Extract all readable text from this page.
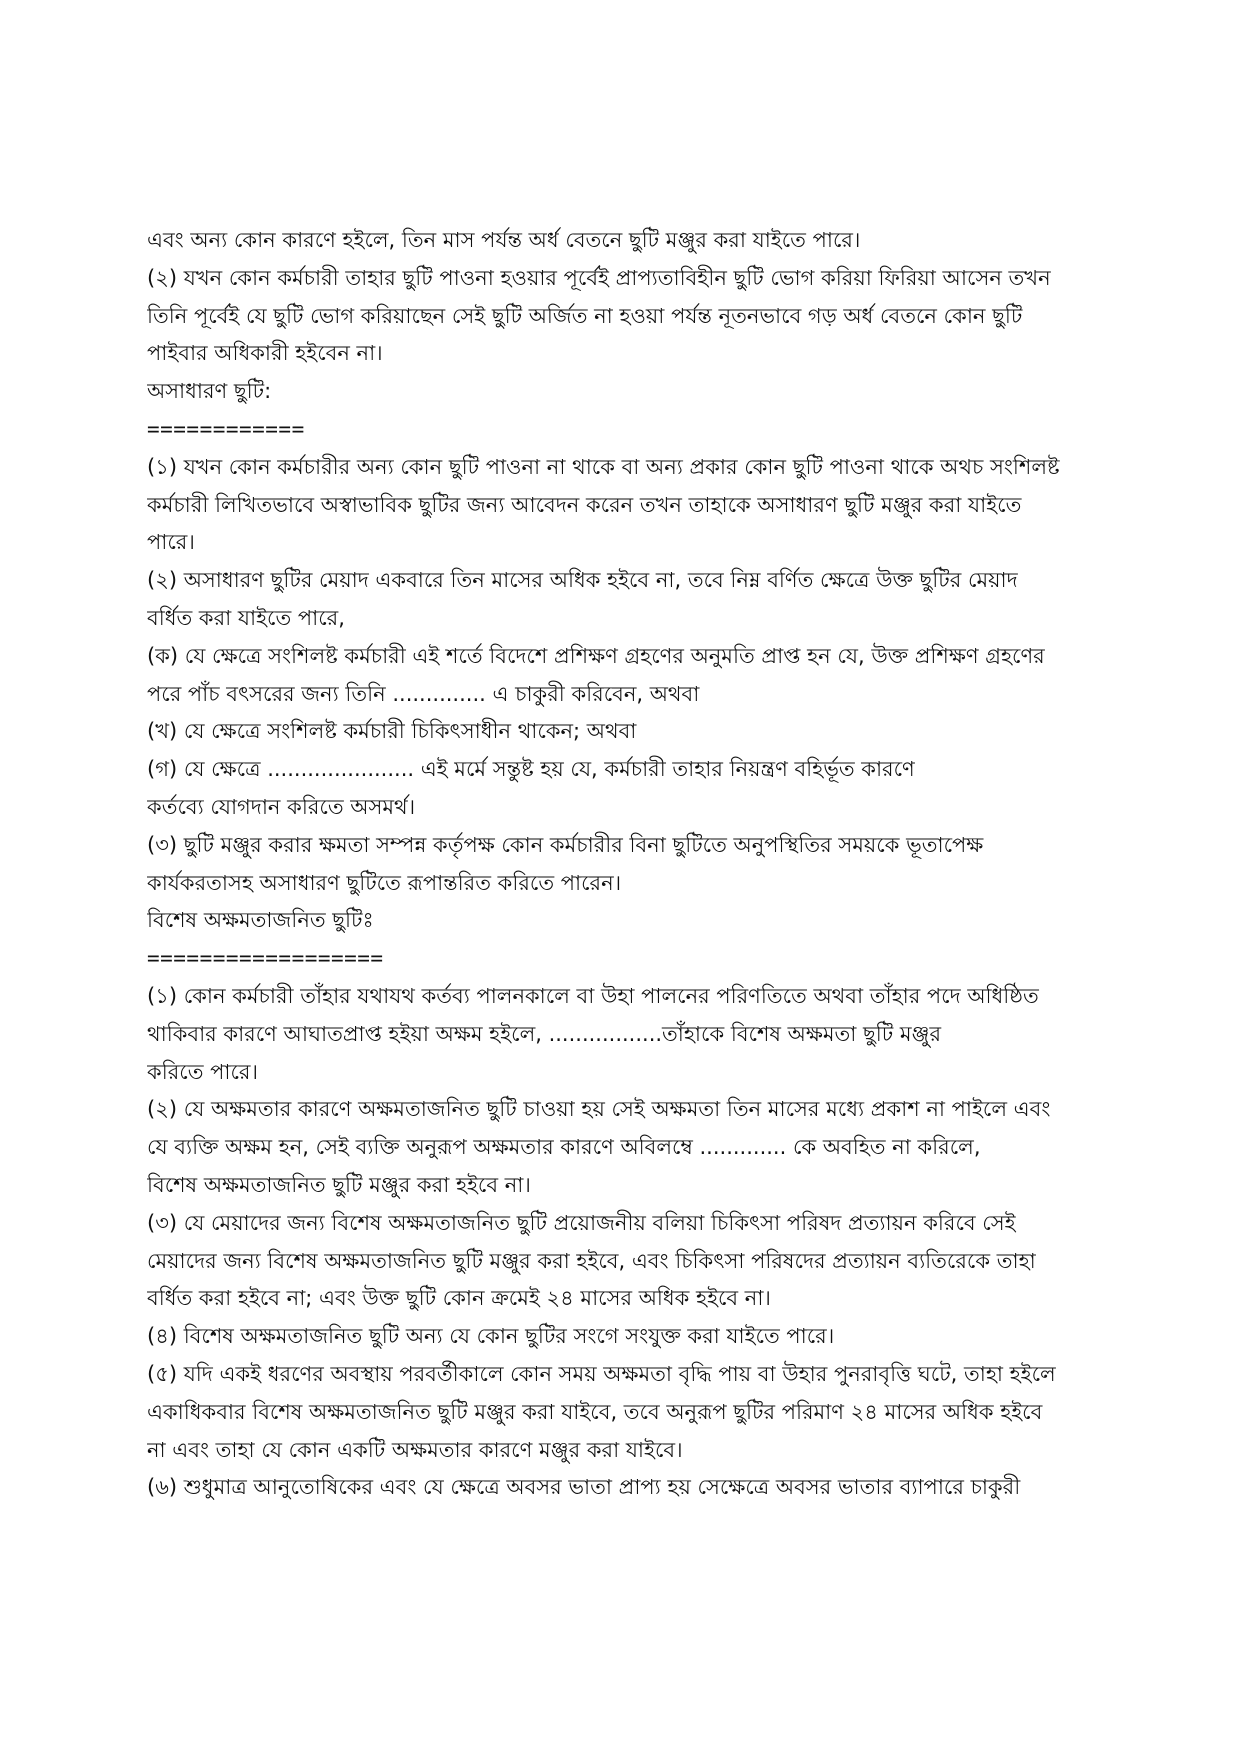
এবং অন্য কোন কারণে হইলে, তিন মাস পর্যন্ত অর্ধ বেতনে ছুটি মঞ্জুর করা যাইতে পারে।
(২) যখন কোন কর্মচারী তাহার ছুটি পাওনা হওয়ার পূর্বেই প্রাপ্যতাবিহীন ছুটি ভোগ করিয়া ফিরিয়া আসেন তখন
তিনি পূর্বেই যে ছুটি ভোগ করিয়াছেন সেই ছুটি অর্জিত না হওয়া পর্যন্ত নূতনভাবে গড় অর্ধ বেতনে কোন ছুটি
পাইবার অধিকারী হইবেন না।
অসাধারণ ছুটি:
============
(১) যখন কোন কর্মচারীর অন্য কোন ছুটি পাওনা না থাকে বা অন্য প্রকার কোন ছুটি পাওনা থাকে অথচ সংশিলষ্ট
কর্মচারী লিখিতভাবে অস্বাভাবিক ছুটির জন্য আবেদন করেন তখন তাহাকে অসাধারণ ছুটি মঞ্জুর করা যাইতে
পারে।
(২) অসাধারণ ছুটির মেয়াদ একবারে তিন মাসের অধিক হইবে না, তবে নিম্ন বর্ণিত ক্ষেত্রে উক্ত ছুটির মেয়াদ
বর্ধিত করা যাইতে পারে,
(ক) যে ক্ষেত্রে সংশিলষ্ট কর্মচারী এই শর্তে বিদেশে প্রশিক্ষণ গ্রহণের অনুমতি প্রাপ্ত হন যে, উক্ত প্রশিক্ষণ গ্রহণের
পরে পাঁচ বৎসরের জন্য তিনি .............. এ চাকুরী করিবেন, অথবা
(খ) যে ক্ষেত্রে সংশিলষ্ট কর্মচারী চিকিৎসাধীন থাকেন; অথবা
(গ) যে ক্ষেত্রে ...................... এই মর্মে সন্তুষ্ট হয় যে, কর্মচারী তাহার নিয়ন্ত্রণ বহির্ভূত কারণে
কর্তব্যে যোগদান করিতে অসমর্থ।
(৩) ছুটি মঞ্জুর করার ক্ষমতা সম্পন্ন কর্তৃপক্ষ কোন কর্মচারীর বিনা ছুটিতে অনুপস্থিতির সময়কে ভূতাপেক্ষ
কার্যকরতাসহ অসাধারণ ছুটিতে রূপান্তরিত করিতে পারেন।
বিশেষ অক্ষমতাজনিত ছুটিঃ
==================
(১) কোন কর্মচারী তাঁহার যথাযথ কর্তব্য পালনকালে বা উহা পালনের পরিণতিতে অথবা তাঁহার পদে অধিষ্ঠিত
থাকিবার কারণে আঘাতপ্রাপ্ত হইয়া অক্ষম হইলে, .................তাঁহাকে বিশেষ অক্ষমতা ছুটি মঞ্জুর
করিতে পারে।
(২) যে অক্ষমতার কারণে অক্ষমতাজনিত ছুটি চাওয়া হয় সেই অক্ষমতা তিন মাসের মধ্যে প্রকাশ না পাইলে এবং
যে ব্যক্তি অক্ষম হন, সেই ব্যক্তি অনুরূপ অক্ষমতার কারণে অবিলম্বে ............. কে অবহিত না করিলে,
বিশেষ অক্ষমতাজনিত ছুটি মঞ্জুর করা হইবে না।
(৩) যে মেয়াদের জন্য বিশেষ অক্ষমতাজনিত ছুটি প্রয়োজনীয় বলিয়া চিকিৎসা পরিষদ প্রত্যায়ন করিবে সেই
মেয়াদের জন্য বিশেষ অক্ষমতাজনিত ছুটি মঞ্জুর করা হইবে, এবং চিকিৎসা পরিষদের প্রত্যায়ন ব্যতিরেকে তাহা
বর্ধিত করা হইবে না; এবং উক্ত ছুটি কোন ক্রমেই ২৪ মাসের অধিক হইবে না।
(৪) বিশেষ অক্ষমতাজনিত ছুটি অন্য যে কোন ছুটির সংগে সংযুক্ত করা যাইতে পারে।
(৫) যদি একই ধরণের অবস্থায় পরবর্তীকালে কোন সময় অক্ষমতা বৃদ্ধি পায় বা উহার পুনরাবৃত্তি ঘটে, তাহা হইলে
একাধিকবার বিশেষ অক্ষমতাজনিত ছুটি মঞ্জুর করা যাইবে, তবে অনুরূপ ছুটির পরিমাণ ২৪ মাসের অধিক হইবে
না এবং তাহা যে কোন একটি অক্ষমতার কারণে মঞ্জুর করা যাইবে।
(৬) শুধুমাত্র আনুতোষিকের এবং যে ক্ষেত্রে অবসর ভাতা প্রাপ্য হয় সেক্ষেত্রে অবসর ভাতার ব্যাপারে চাকুরী
